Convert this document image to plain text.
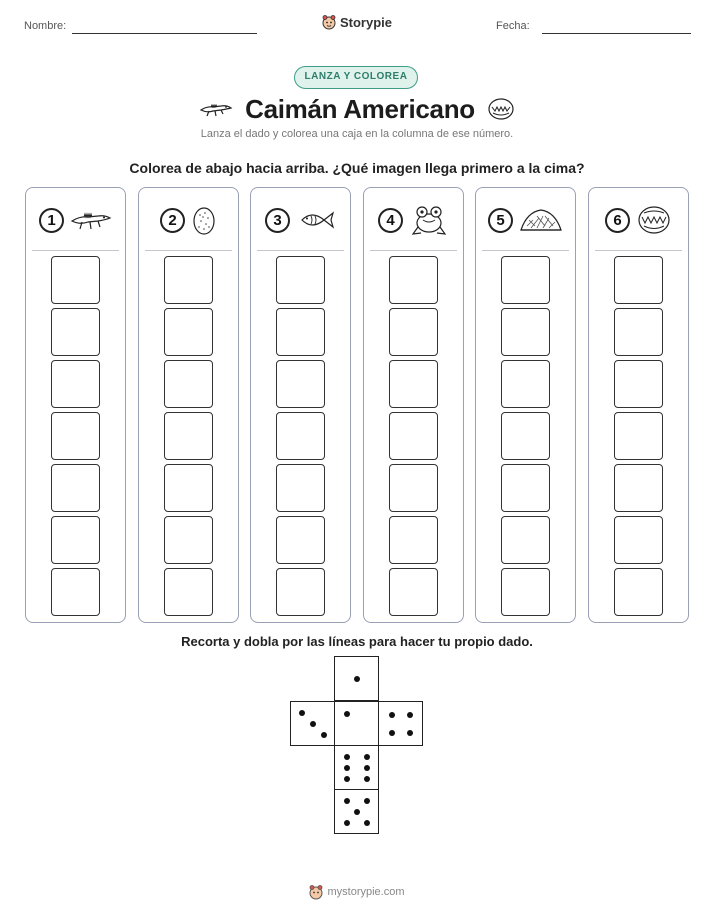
Nombre:	Storypie	Fecha:
LANZA Y COLOREA
Caimán Americano
Lanza el dado y colorea una caja en la columna de ese número.
Colorea de abajo hacia arriba. ¿Qué imagen llega primero a la cima?
1	2	3	4	5	6
Recorta y dobla por las líneas para hacer tu propio dado.
mystorypie.com
